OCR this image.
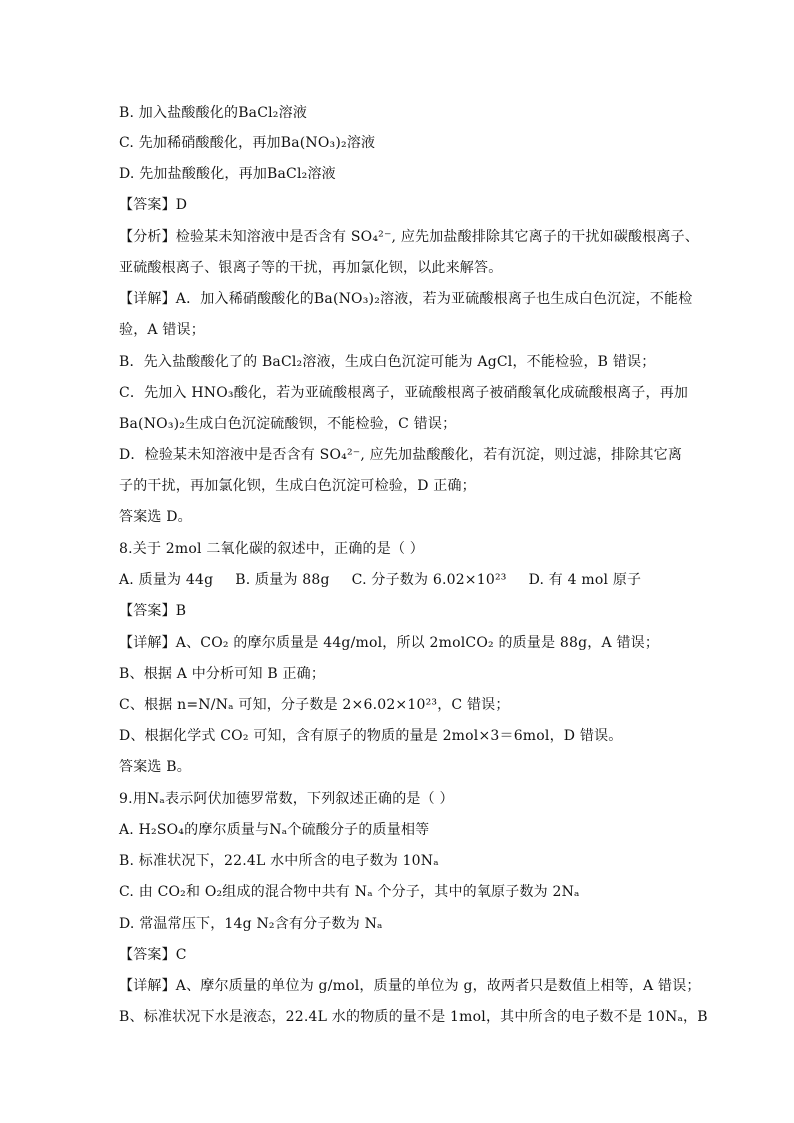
B. 加入盐酸酸化的BaCl₂溶液
C. 先加稀硝酸酸化，再加Ba(NO₃)₂溶液
D. 先加盐酸酸化，再加BaCl₂溶液
【答案】D
【分析】检验某未知溶液中是否含有 SO₄²⁻, 应先加盐酸排除其它离子的干扰如碳酸根离子、
亚硫酸根离子、银离子等的干扰，再加氯化钡，以此来解答。
【详解】A．加入稀硝酸酸化的Ba(NO₃)₂溶液，若为亚硫酸根离子也生成白色沉淀，不能检
验，A 错误；
B．先入盐酸酸化了的 BaCl₂溶液，生成白色沉淀可能为 AgCl，不能检验，B 错误；
C．先加入 HNO₃酸化，若为亚硫酸根离子，亚硫酸根离子被硝酸氧化成硫酸根离子，再加
Ba(NO₃)₂生成白色沉淀硫酸钡，不能检验，C 错误；
D．检验某未知溶液中是否含有 SO₄²⁻, 应先加盐酸酸化，若有沉淀，则过滤，排除其它离
子的干扰，再加氯化钡，生成白色沉淀可检验，D 正确；
答案选 D。
8.关于 2mol 二氧化碳的叙述中，正确的是（ ）
A. 质量为 44g B. 质量为 88g C. 分子数为 6.02×10²³ D. 有 4 mol 原子
【答案】B
【详解】A、CO₂ 的摩尔质量是 44g/mol，所以 2molCO₂ 的质量是 88g，A 错误；
B、根据 A 中分析可知 B 正确；
C、根据 n=N/Nₐ 可知，分子数是 2×6.02×10²³，C 错误；
D、根据化学式 CO₂ 可知，含有原子的物质的量是 2mol×3＝6mol，D 错误。
答案选 B。
9.用Nₐ表示阿伏加德罗常数，下列叙述正确的是（ ）
A. H₂SO₄的摩尔质量与Nₐ个硫酸分子的质量相等
B. 标准状况下，22.4L 水中所含的电子数为 10Nₐ
C. 由 CO₂和 O₂组成的混合物中共有 Nₐ 个分子，其中的氧原子数为 2Nₐ
D. 常温常压下，14g N₂含有分子数为 Nₐ
【答案】C
【详解】A、摩尔质量的单位为 g/mol，质量的单位为 g，故两者只是数值上相等，A 错误；
B、标准状况下水是液态，22.4L 水的物质的量不是 1mol，其中所含的电子数不是 10Nₐ，B
